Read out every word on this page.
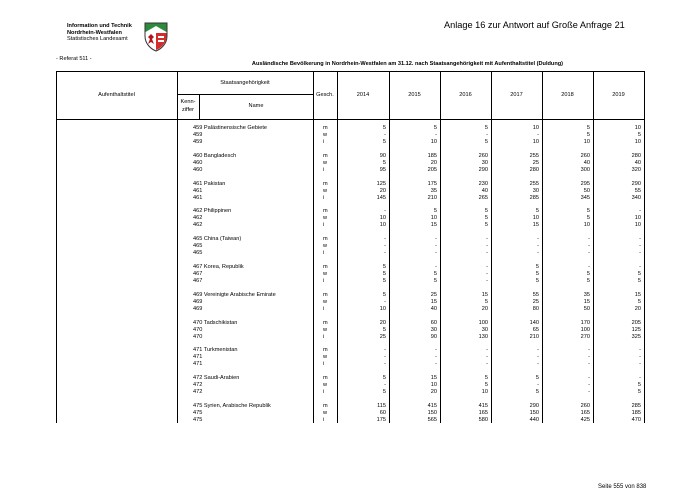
Information und Technik
Nordrhein-Westfalen
Statistisches Landesamt
Anlage 16 zur Antwort auf Große Anfrage 21
- Referat 511 -
Ausländische Bevölkerung in Nordrhein-Westfalen am 31.12. nach Staatsangehörigkeit mit Aufenthaltstitel (Duldung)
Aufenthaltstitel
Staatsangehörigkeit
Kenn-
ziffer
Name
Gesch.	2014	2015	2016	2017	2018	2019
459 Palästinensische Gebiete	m	5	5	5	10	5	10
459	w	-	-	-	-	5	5
459	i	5	10	5	10	10	10
460 Bangladesch	m	90	185	260	255	260	280
460	w	5	20	30	25	40	40
460	i	95	205	290	280	300	320
461 Pakistan	m	125	175	230	255	295	290
461	w	20	35	40	30	50	55
461	i	145	210	265	285	345	340
462 Philippinen	m	-	5	5	5	5	-
462	w	10	10	5	10	5	10
462	i	10	15	5	15	10	10
465 China (Taiwan)	m	-	-	-	-	-	-
465	w	-	-	-	-	-	-
465	i	-	-	-	-	-	-
467 Korea, Republik	m	5	-	-	5	-	-
467	w	5	5	-	5	5	5
467	i	5	5	-	5	5	5
469 Vereinigte Arabische Emirate	m	5	25	15	55	35	15
469	w	-	15	5	25	15	5
469	i	10	40	20	80	50	20
470 Tadschikistan	m	20	60	100	140	170	205
470	w	5	30	30	65	100	125
470	i	25	90	130	210	270	325
471 Turkmenistan	m	-	-	-	-	-	-
471	w	-	-	-	-	-	-
471	i	-	-	-	-	-	-
472 Saudi-Arabien	m	5	15	5	5	-	-
472	w	-	10	5	-	-	5
472	i	5	20	10	5	-	5
475 Syrien, Arabische Republik	m	115	415	415	290	260	285
475	w	60	150	165	150	165	185
475	i	175	565	580	440	425	470
Seite 555 von 838
